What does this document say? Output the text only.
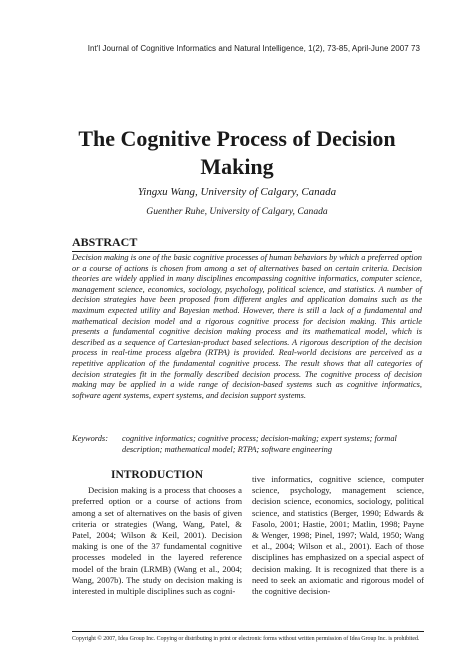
Int'l Journal of Cognitive Informatics and Natural Intelligence, 1(2), 73-85, April-June 2007 73
The Cognitive Process of Decision Making
Yingxu Wang, University of Calgary, Canada
Guenther Ruhe, University of Calgary, Canada
ABSTRACT
Decision making is one of the basic cognitive processes of human behaviors by which a preferred option or a course of actions is chosen from among a set of alternatives based on certain criteria. Decision theories are widely applied in many disciplines encompassing cognitive informatics, computer science, management science, economics, sociology, psychology, political science, and statistics. A number of decision strategies have been proposed from different angles and application domains such as the maximum expected utility and Bayesian method. However, there is still a lack of a fundamental and mathematical decision model and a rigorous cognitive process for decision making. This article presents a fundamental cognitive decision making process and its mathematical model, which is described as a sequence of Cartesian-product based selections. A rigorous description of the decision process in real-time process algebra (RTPA) is provided. Real-world decisions are perceived as a repetitive application of the fundamental cognitive process. The result shows that all categories of decision strategies fit in the formally described decision process. The cognitive process of decision making may be applied in a wide range of decision-based systems such as cognitive informatics, software agent systems, expert systems, and decision support systems.
Keywords:	cognitive informatics; cognitive process; decision-making; expert systems; formal description; mathematical model; RTPA; software engineering
INTRODUCTION

Decision making is a process that chooses a preferred option or a course of actions from among a set of alternatives on the basis of given criteria or strategies (Wang, Wang, Patel, & Patel, 2004; Wilson & Keil, 2001). Decision making is one of the 37 fundamental cognitive processes modeled in the layered reference model of the brain (LRMB) (Wang et al., 2004; Wang, 2007b). The study on decision making is interested in multiple disciplines such as cogni-

tive informatics, cognitive science, computer science, psychology, management science, decision science, economics, sociology, political science, and statistics (Berger, 1990; Edwards & Fasolo, 2001; Hastie, 2001; Matlin, 1998; Payne & Wenger, 1998; Pinel, 1997; Wald, 1950; Wang et al., 2004; Wilson et al., 2001). Each of those disciplines has emphasized on a special aspect of decision making. It is recognized that there is a need to seek an axiomatic and rigorous model of the cognitive decision-

Copyright © 2007, Idea Group Inc. Copying or distributing in print or electronic forms without written permission of Idea Group Inc. is prohibited.
